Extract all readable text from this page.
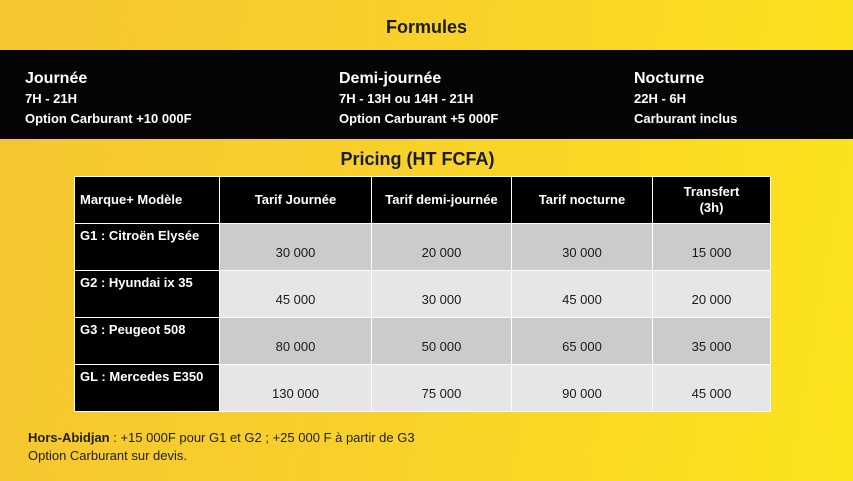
Formules
Journée
7H - 21H
Option Carburant +10 000F
Demi-journée
7H - 13H ou 14H - 21H
Option Carburant +5 000F
Nocturne
22H - 6H
Carburant inclus
Pricing (HT FCFA)
Marque+ Modèle	Tarif Journée	Tarif demi-journée	Tarif nocturne	Transfert (3h)
G1 : Citroën Elysée	30 000	20 000	30 000	15 000
G2 : Hyundai ix 35	45 000	30 000	45 000	20 000
G3 : Peugeot 508	80 000	50 000	65 000	35 000
GL : Mercedes E350	130 000	75 000	90 000	45 000
Hors-Abidjan : +15 000F pour G1 et G2 ; +25 000 F à partir de G3
Option Carburant sur devis.
